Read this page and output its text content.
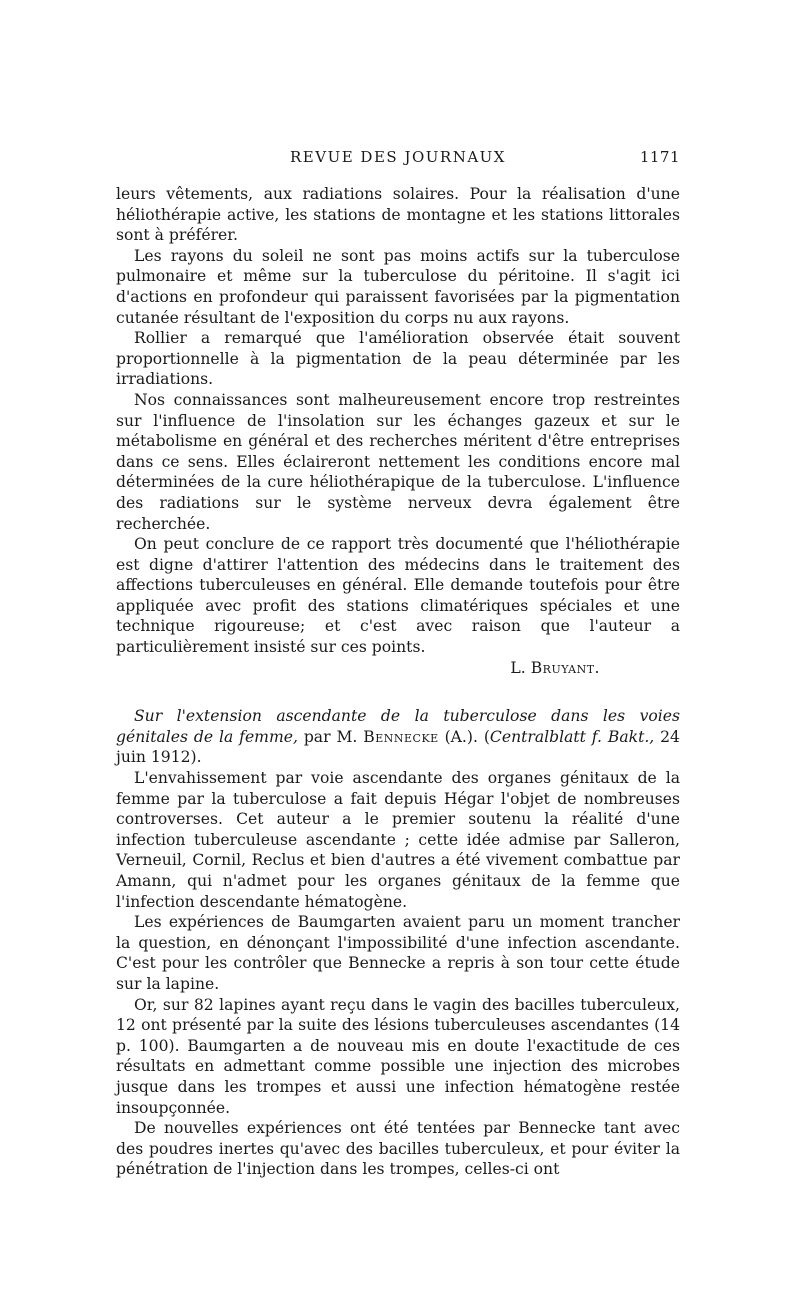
REVUE DES JOURNAUX	1171

leurs vêtements, aux radiations solaires. Pour la réalisation d'une héliothérapie active, les stations de montagne et les stations littorales sont à préférer.

Les rayons du soleil ne sont pas moins actifs sur la tuberculose pulmonaire et même sur la tuberculose du péritoine. Il s'agit ici d'actions en profondeur qui paraissent favorisées par la pigmentation cutanée résultant de l'exposition du corps nu aux rayons.

Rollier a remarqué que l'amélioration observée était souvent proportionnelle à la pigmentation de la peau déterminée par les irradiations.

Nos connaissances sont malheureusement encore trop restreintes sur l'influence de l'insolation sur les échanges gazeux et sur le métabolisme en général et des recherches méritent d'être entreprises dans ce sens. Elles éclaireront nettement les conditions encore mal déterminées de la cure héliothérapique de la tuberculose. L'influence des radiations sur le système nerveux devra également être recherchée.

On peut conclure de ce rapport très documenté que l'héliothérapie est digne d'attirer l'attention des médecins dans le traitement des affections tuberculeuses en général. Elle demande toutefois pour être appliquée avec profit des stations climatériques spéciales et une technique rigoureuse; et c'est avec raison que l'auteur a particulièrement insisté sur ces points.

L. Bruyant.

Sur l'extension ascendante de la tuberculose dans les voies génitales de la femme, par M. Bennecke (A.). (Centralblatt f. Bakt., 24 juin 1912).

L'envahissement par voie ascendante des organes génitaux de la femme par la tuberculose a fait depuis Hégar l'objet de nombreuses controverses. Cet auteur a le premier soutenu la réalité d'une infection tuberculeuse ascendante ; cette idée admise par Salleron, Verneuil, Cornil, Reclus et bien d'autres a été vivement combattue par Amann, qui n'admet pour les organes génitaux de la femme que l'infection descendante hématogène.

Les expériences de Baumgarten avaient paru un moment trancher la question, en dénonçant l'impossibilité d'une infection ascendante. C'est pour les contrôler que Bennecke a repris à son tour cette étude sur la lapine.

Or, sur 82 lapines ayant reçu dans le vagin des bacilles tuberculeux, 12 ont présenté par la suite des lésions tuberculeuses ascendantes (14 p. 100). Baumgarten a de nouveau mis en doute l'exactitude de ces résultats en admettant comme possible une injection des microbes jusque dans les trompes et aussi une infection hématogène restée insoupçonnée.

De nouvelles expériences ont été tentées par Bennecke tant avec des poudres inertes qu'avec des bacilles tuberculeux, et pour éviter la pénétration de l'injection dans les trompes, celles-ci ont
